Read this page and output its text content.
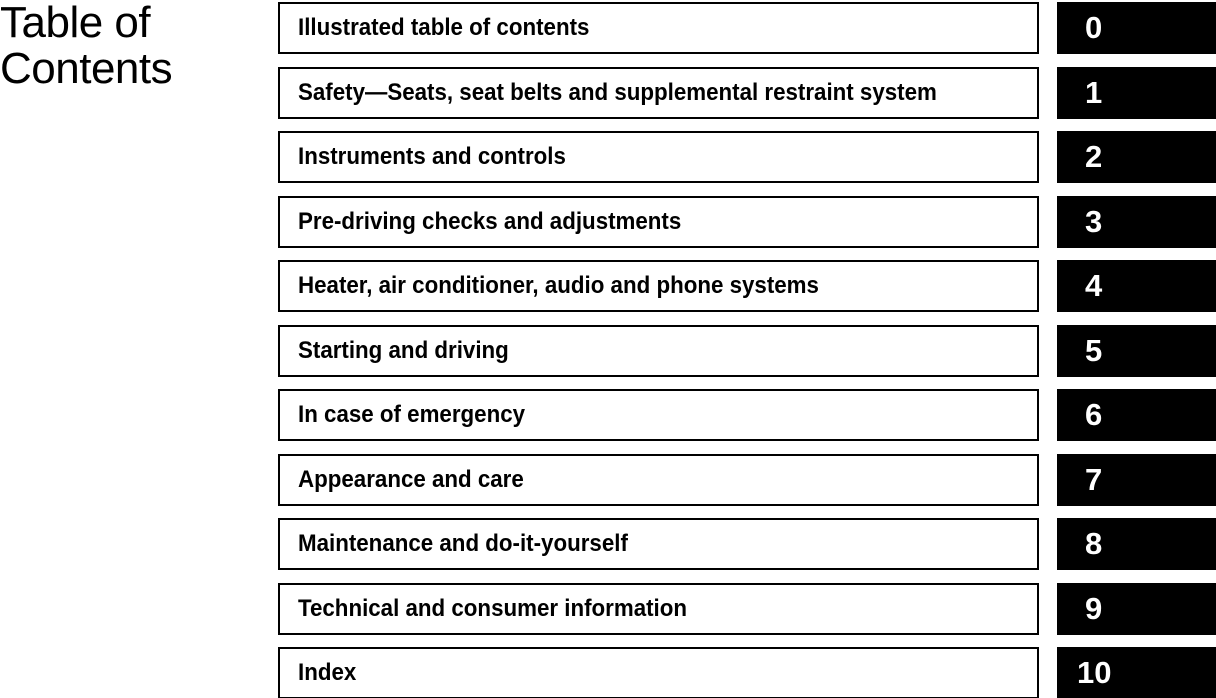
Table of
Contents
Illustrated table of contents	0
Safety—Seats, seat belts and supplemental restraint system	1
Instruments and controls	2
Pre-driving checks and adjustments	3
Heater, air conditioner, audio and phone systems	4
Starting and driving	5
In case of emergency	6
Appearance and care	7
Maintenance and do-it-yourself	8
Technical and consumer information	9
Index	10
